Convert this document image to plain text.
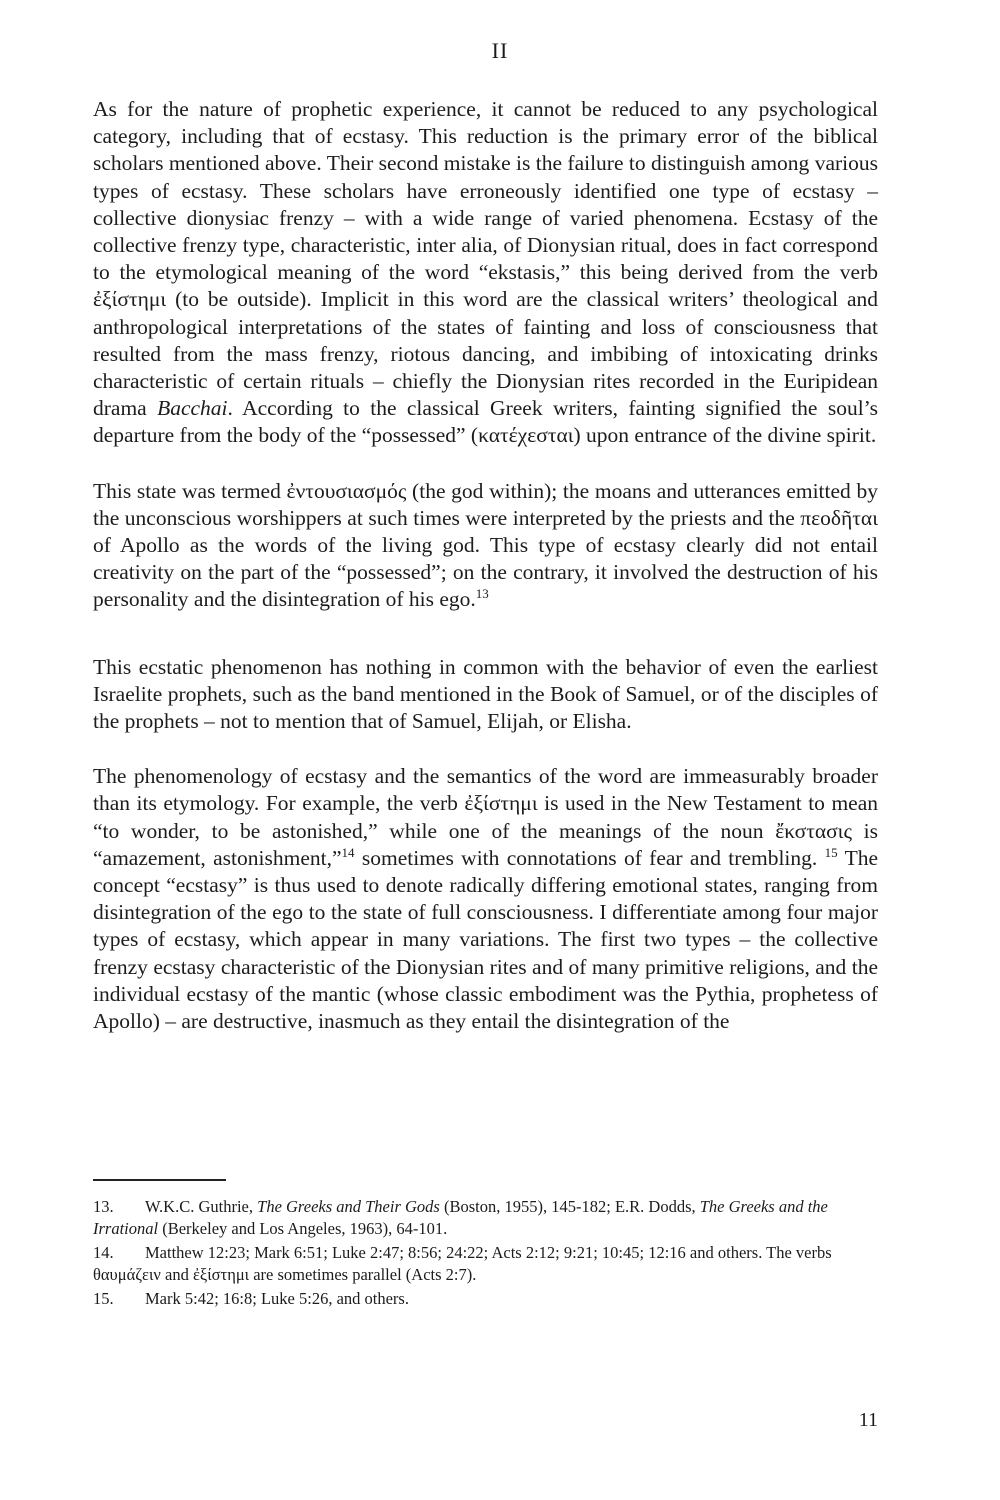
II

As for the nature of prophetic experience, it cannot be reduced to any psychological category, including that of ecstasy. This reduction is the primary error of the biblical scholars mentioned above. Their second mistake is the failure to distinguish among various types of ecstasy. These scholars have erroneously identified one type of ecstasy – collective dionysiac frenzy – with a wide range of varied phenomena. Ecstasy of the collective frenzy type, characteristic, inter alia, of Dionysian ritual, does in fact correspond to the etymological meaning of the word “ekstasis,” this being derived from the verb ἐξίστημι (to be outside). Implicit in this word are the classical writers’ theological and anthropological interpretations of the states of fainting and loss of consciousness that resulted from the mass frenzy, riotous dancing, and imbibing of intoxicating drinks characteristic of certain rituals – chiefly the Dionysian rites recorded in the Euripidean drama Bacchai. According to the classical Greek writers, fainting signified the soul’s departure from the body of the “possessed” (κατέχεσται) upon entrance of the divine spirit.

This state was termed ἐντουσιασμός (the god within); the moans and utterances emitted by the unconscious worshippers at such times were interpreted by the priests and the πεοδῆται of Apollo as the words of the living god. This type of ecstasy clearly did not entail creativity on the part of the “possessed”; on the contrary, it involved the destruction of his personality and the disintegration of his ego.$^{13}$

This ecstatic phenomenon has nothing in common with the behavior of even the earliest Israelite prophets, such as the band mentioned in the Book of Samuel, or of the disciples of the prophets – not to mention that of Samuel, Elijah, or Elisha.

The phenomenology of ecstasy and the semantics of the word are immeasurably broader than its etymology. For example, the verb ἐξίστημι is used in the New Testament to mean “to wonder, to be astonished,” while one of the meanings of the noun ἔκστασις is “amazement, astonishment,”$^{14}$ sometimes with connotations of fear and trembling. $^{15}$ The concept “ecstasy” is thus used to denote radically differing emotional states, ranging from disintegration of the ego to the state of full consciousness. I differentiate among four major types of ecstasy, which appear in many variations. The first two types – the collective frenzy ecstasy characteristic of the Dionysian rites and of many primitive religions, and the individual ecstasy of the mantic (whose classic embodiment was the Pythia, prophetess of Apollo) – are destructive, inasmuch as they entail the disintegration of the

13. W.K.C. Guthrie, The Greeks and Their Gods (Boston, 1955), 145-182; E.R. Dodds, The Greeks and the Irrational (Berkeley and Los Angeles, 1963), 64-101.
14. Matthew 12:23; Mark 6:51; Luke 2:47; 8:56; 24:22; Acts 2:12; 9:21; 10:45; 12:16 and others. The verbs θαυμάζειν and ἐξίστημι are sometimes parallel (Acts 2:7).
15. Mark 5:42; 16:8; Luke 5:26, and others.
11
